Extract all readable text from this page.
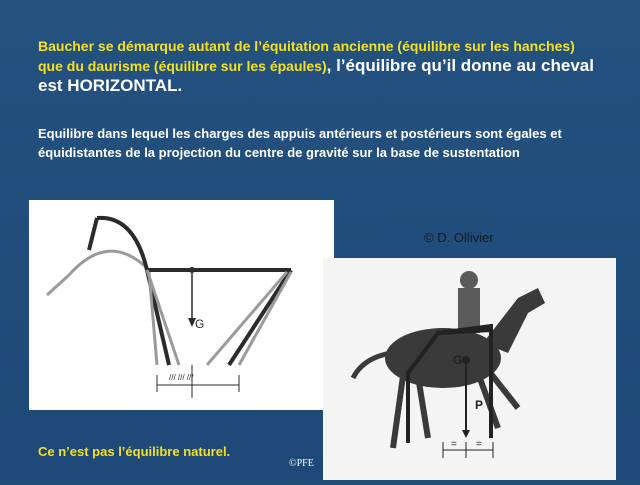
Baucher se démarque autant de l’équitation ancienne (équilibre sur les hanches) que du daurisme (équilibre sur les épaules), l’équilibre qu’il donne au cheval est HORIZONTAL.
Equilibre dans lequel les charges des appuis antérieurs et postérieurs sont égales et équidistantes de la projection du centre de gravité sur la base de sustentation
G
/// /// ///
© D. Ollivier
G
P
= =
Ce n’est pas l’équilibre naturel.
©PFE
